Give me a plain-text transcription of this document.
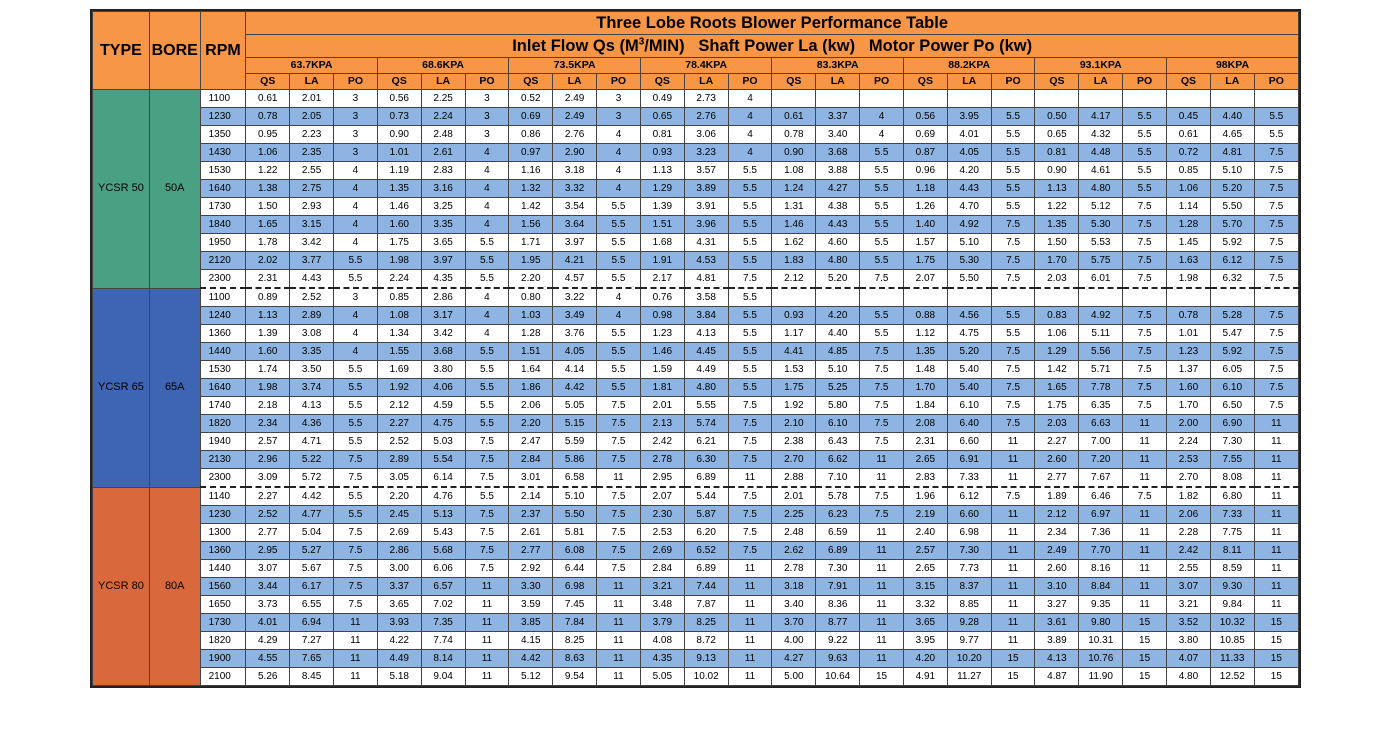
TYPE	BORE	RPM	Three Lobe Roots Blower Performance Table																							
			Inlet Flow Qs $(M^3/MIN)$ Shaft Power La (kw) Motor Power Po (kw)																							
			63.7KPA			68.6KPA			73.5KPA			78.4KPA			83.3KPA			88.2KPA			93.1KPA			98KPA		
			QS	LA	PO	QS	LA	PO	QS	LA	PO	QS	LA	PO	QS	LA	PO	QS	LA	PO	QS	LA	PO	QS	LA	PO
YCSR 50	50A	1100	0.61	2.01	3	0.56	2.25	3	0.52	2.49	3	0.49	2.73	4												
		1230	0.78	2.05	3	0.73	2.24	3	0.69	2.49	3	0.65	2.76	4	0.61	3.37	4	0.56	3.95	5.5	0.50	4.17	5.5	0.45	4.40	5.5
		1350	0.95	2.23	3	0.90	2.48	3	0.86	2.76	4	0.81	3.06	4	0.78	3.40	4	0.69	4.01	5.5	0.65	4.32	5.5	0.61	4.65	5.5
		1430	1.06	2.35	3	1.01	2.61	4	0.97	2.90	4	0.93	3.23	4	0.90	3.68	5.5	0.87	4.05	5.5	0.81	4.48	5.5	0.72	4.81	7.5
		1530	1.22	2.55	4	1.19	2.83	4	1.16	3.18	4	1.13	3.57	5.5	1.08	3.88	5.5	0.96	4.20	5.5	0.90	4.61	5.5	0.85	5.10	7.5
		1640	1.38	2.75	4	1.35	3.16	4	1.32	3.32	4	1.29	3.89	5.5	1.24	4.27	5.5	1.18	4.43	5.5	1.13	4.80	5.5	1.06	5.20	7.5
		1730	1.50	2.93	4	1.46	3.25	4	1.42	3.54	5.5	1.39	3.91	5.5	1.31	4.38	5.5	1.26	4.70	5.5	1.22	5.12	7.5	1.14	5.50	7.5
		1840	1.65	3.15	4	1.60	3.35	4	1.56	3.64	5.5	1.51	3.96	5.5	1.46	4.43	5.5	1.40	4.92	7.5	1.35	5.30	7.5	1.28	5.70	7.5
		1950	1.78	3.42	4	1.75	3.65	5.5	1.71	3.97	5.5	1.68	4.31	5.5	1.62	4.60	5.5	1.57	5.10	7.5	1.50	5.53	7.5	1.45	5.92	7.5
		2120	2.02	3.77	5.5	1.98	3.97	5.5	1.95	4.21	5.5	1.91	4.53	5.5	1.83	4.80	5.5	1.75	5.30	7.5	1.70	5.75	7.5	1.63	6.12	7.5
		2300	2.31	4.43	5.5	2.24	4.35	5.5	2.20	4.57	5.5	2.17	4.81	7.5	2.12	5.20	7.5	2.07	5.50	7.5	2.03	6.01	7.5	1.98	6.32	7.5
YCSR 65	65A	1100	0.89	2.52	3	0.85	2.86	4	0.80	3.22	4	0.76	3.58	5.5												
		1240	1.13	2.89	4	1.08	3.17	4	1.03	3.49	4	0.98	3.84	5.5	0.93	4.20	5.5	0.88	4.56	5.5	0.83	4.92	7.5	0.78	5.28	7.5
		1360	1.39	3.08	4	1.34	3.42	4	1.28	3.76	5.5	1.23	4.13	5.5	1.17	4.40	5.5	1.12	4.75	5.5	1.06	5.11	7.5	1.01	5.47	7.5
		1440	1.60	3.35	4	1.55	3.68	5.5	1.51	4.05	5.5	1.46	4.45	5.5	4.41	4.85	7.5	1.35	5.20	7.5	1.29	5.56	7.5	1.23	5.92	7.5
		1530	1.74	3.50	5.5	1.69	3.80	5.5	1.64	4.14	5.5	1.59	4.49	5.5	1.53	5.10	7.5	1.48	5.40	7.5	1.42	5.71	7.5	1.37	6.05	7.5
		1640	1.98	3.74	5.5	1.92	4.06	5.5	1.86	4.42	5.5	1.81	4.80	5.5	1.75	5.25	7.5	1.70	5.40	7.5	1.65	7.78	7.5	1.60	6.10	7.5
		1740	2.18	4.13	5.5	2.12	4.59	5.5	2.06	5.05	7.5	2.01	5.55	7.5	1.92	5.80	7.5	1.84	6.10	7.5	1.75	6.35	7.5	1.70	6.50	7.5
		1820	2.34	4.36	5.5	2.27	4.75	5.5	2.20	5.15	7.5	2.13	5.74	7.5	2.10	6.10	7.5	2.08	6.40	7.5	2.03	6.63	11	2.00	6.90	11
		1940	2.57	4.71	5.5	2.52	5.03	7.5	2.47	5.59	7.5	2.42	6.21	7.5	2.38	6.43	7.5	2.31	6.60	11	2.27	7.00	11	2.24	7.30	11
		2130	2.96	5.22	7.5	2.89	5.54	7.5	2.84	5.86	7.5	2.78	6.30	7.5	2.70	6.62	11	2.65	6.91	11	2.60	7.20	11	2.53	7.55	11
		2300	3.09	5.72	7.5	3.05	6.14	7.5	3.01	6.58	11	2.95	6.89	11	2.88	7.10	11	2.83	7.33	11	2.77	7.67	11	2.70	8.08	11
YCSR 80	80A	1140	2.27	4.42	5.5	2.20	4.76	5.5	2.14	5.10	7.5	2.07	5.44	7.5	2.01	5.78	7.5	1.96	6.12	7.5	1.89	6.46	7.5	1.82	6.80	11
		1230	2.52	4.77	5.5	2.45	5.13	7.5	2.37	5.50	7.5	2.30	5.87	7.5	2.25	6.23	7.5	2.19	6.60	11	2.12	6.97	11	2.06	7.33	11
		1300	2.77	5.04	7.5	2.69	5.43	7.5	2.61	5.81	7.5	2.53	6.20	7.5	2.48	6.59	11	2.40	6.98	11	2.34	7.36	11	2.28	7.75	11
		1360	2.95	5.27	7.5	2.86	5.68	7.5	2.77	6.08	7.5	2.69	6.52	7.5	2.62	6.89	11	2.57	7.30	11	2.49	7.70	11	2.42	8.11	11
		1440	3.07	5.67	7.5	3.00	6.06	7.5	2.92	6.44	7.5	2.84	6.89	11	2.78	7.30	11	2.65	7.73	11	2.60	8.16	11	2.55	8.59	11
		1560	3.44	6.17	7.5	3.37	6.57	11	3.30	6.98	11	3.21	7.44	11	3.18	7.91	11	3.15	8.37	11	3.10	8.84	11	3.07	9.30	11
		1650	3.73	6.55	7.5	3.65	7.02	11	3.59	7.45	11	3.48	7.87	11	3.40	8.36	11	3.32	8.85	11	3.27	9.35	11	3.21	9.84	11
		1730	4.01	6.94	11	3.93	7.35	11	3.85	7.84	11	3.79	8.25	11	3.70	8.77	11	3.65	9.28	11	3.61	9.80	15	3.52	10.32	15
		1820	4.29	7.27	11	4.22	7.74	11	4.15	8.25	11	4.08	8.72	11	4.00	9.22	11	3.95	9.77	11	3.89	10.31	15	3.80	10.85	15
		1900	4.55	7.65	11	4.49	8.14	11	4.42	8.63	11	4.35	9.13	11	4.27	9.63	11	4.20	10.20	15	4.13	10.76	15	4.07	11.33	15
		2100	5.26	8.45	11	5.18	9.04	11	5.12	9.54	11	5.05	10.02	11	5.00	10.64	15	4.91	11.27	15	4.87	11.90	15	4.80	12.52	15
